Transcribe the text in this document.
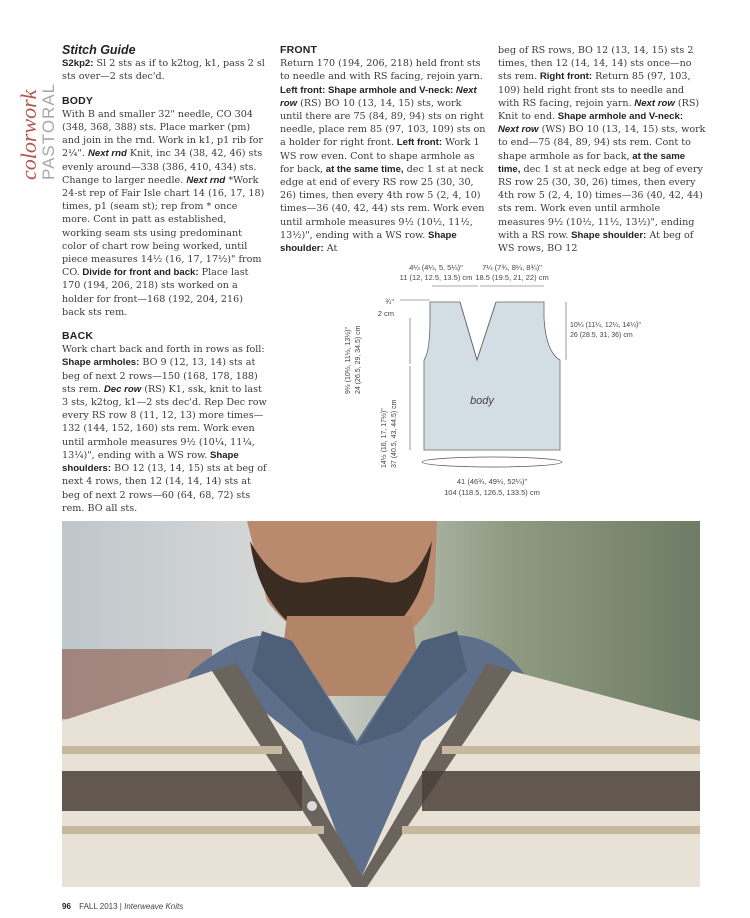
colorwork
PASTORAL

Stitch Guide

S2kp2: Sl 2 sts as if to k2tog, k1, pass 2 sl sts over—2 sts dec'd.

BODY

With B and smaller 32" needle, CO 304 (348, 368, 388) sts. Place marker (pm) and join in the rnd. Work in k1, p1 rib for 2¼". Next rnd Knit, inc 34 (38, 42, 46) sts evenly around—338 (386, 410, 434) sts. Change to larger needle. Next rnd *Work 24-st rep of Fair Isle chart 14 (16, 17, 18) times, p1 (seam st); rep from * once more. Cont in patt as established, working seam sts using predominant color of chart row being worked, until piece measures 14½ (16, 17, 17½)" from CO. Divide for front and back: Place last 170 (194, 206, 218) sts worked on a holder for front—168 (192, 204, 216) back sts rem.

BACK

Work chart back and forth in rows as foll: Shape armholes: BO 9 (12, 13, 14) sts at beg of next 2 rows—150 (168, 178, 188) sts rem. Dec row (RS) K1, ssk, knit to last 3 sts, k2tog, k1—2 sts dec'd. Rep Dec row every RS row 8 (11, 12, 13) more times—132 (144, 152, 160) sts rem. Work even until armhole measures 9½ (10¼, 11¼, 13¼)", ending with a WS row. Shape shoulders: BO 12 (13, 14, 15) sts at beg of next 4 rows, then 12 (14, 14, 14) sts at beg of next 2 rows—60 (64, 68, 72) sts rem. BO all sts.

FRONT

Return 170 (194, 206, 218) held front sts to needle and with RS facing, rejoin yarn. Left front: Shape armhole and V-neck: Next row (RS) BO 10 (13, 14, 15) sts, work until there are 75 (84, 89, 94) sts on right needle, place rem 85 (97, 103, 109) sts on a holder for right front. Left front: Work 1 WS row even. Cont to shape armhole as for back, at the same time, dec 1 st at neck edge at end of every RS row 25 (30, 30, 26) times, then every 4th row 5 (2, 4, 10) times—36 (40, 42, 44) sts rem. Work even until armhole measures 9½ (10½, 11½, 13½)", ending with a WS row. Shape shoulder: At

beg of RS rows, BO 12 (13, 14, 15) sts 2 times, then 12 (14, 14, 14) sts once—no sts rem. Right front: Return 85 (97, 103, 109) held right front sts to needle and with RS facing, rejoin yarn. Next row (RS) Knit to end. Shape armhole and V-neck: Next row (WS) BO 10 (13, 14, 15) sts, work to end—75 (84, 89, 94) sts rem. Cont to shape armhole as for back, at the same time, dec 1 st at neck edge at beg of every RS row 25 (30, 30, 26) times, then every 4th row 5 (2, 4, 10) times—36 (40, 42, 44) sts rem. Work even until armhole measures 9½ (10½, 11½, 13½)", ending with a RS row. Shape shoulder: At beg of WS rows, BO 12

4¼ (4¼, 5, 5¼)"
11 (12, 12.5, 13.5) cm
7¼ (7¾, 8¼, 8¾)"
18.5 (19.5, 21, 22) cm
¾"
2 cm
body
9½ (10½, 11½, 13½)" 24 (26.5, 29, 34.5) cm
14½ (16, 17, 17½)" 37 (40.5, 43, 44.5) cm
10¼ (11¼, 12¼, 14¼)"
26 (28.5, 31, 36) cm
41 (46¾, 49¼, 52¼)"
104 (118.5, 126.5, 133.5) cm
96 FALL 2013 | Interweave Knits
